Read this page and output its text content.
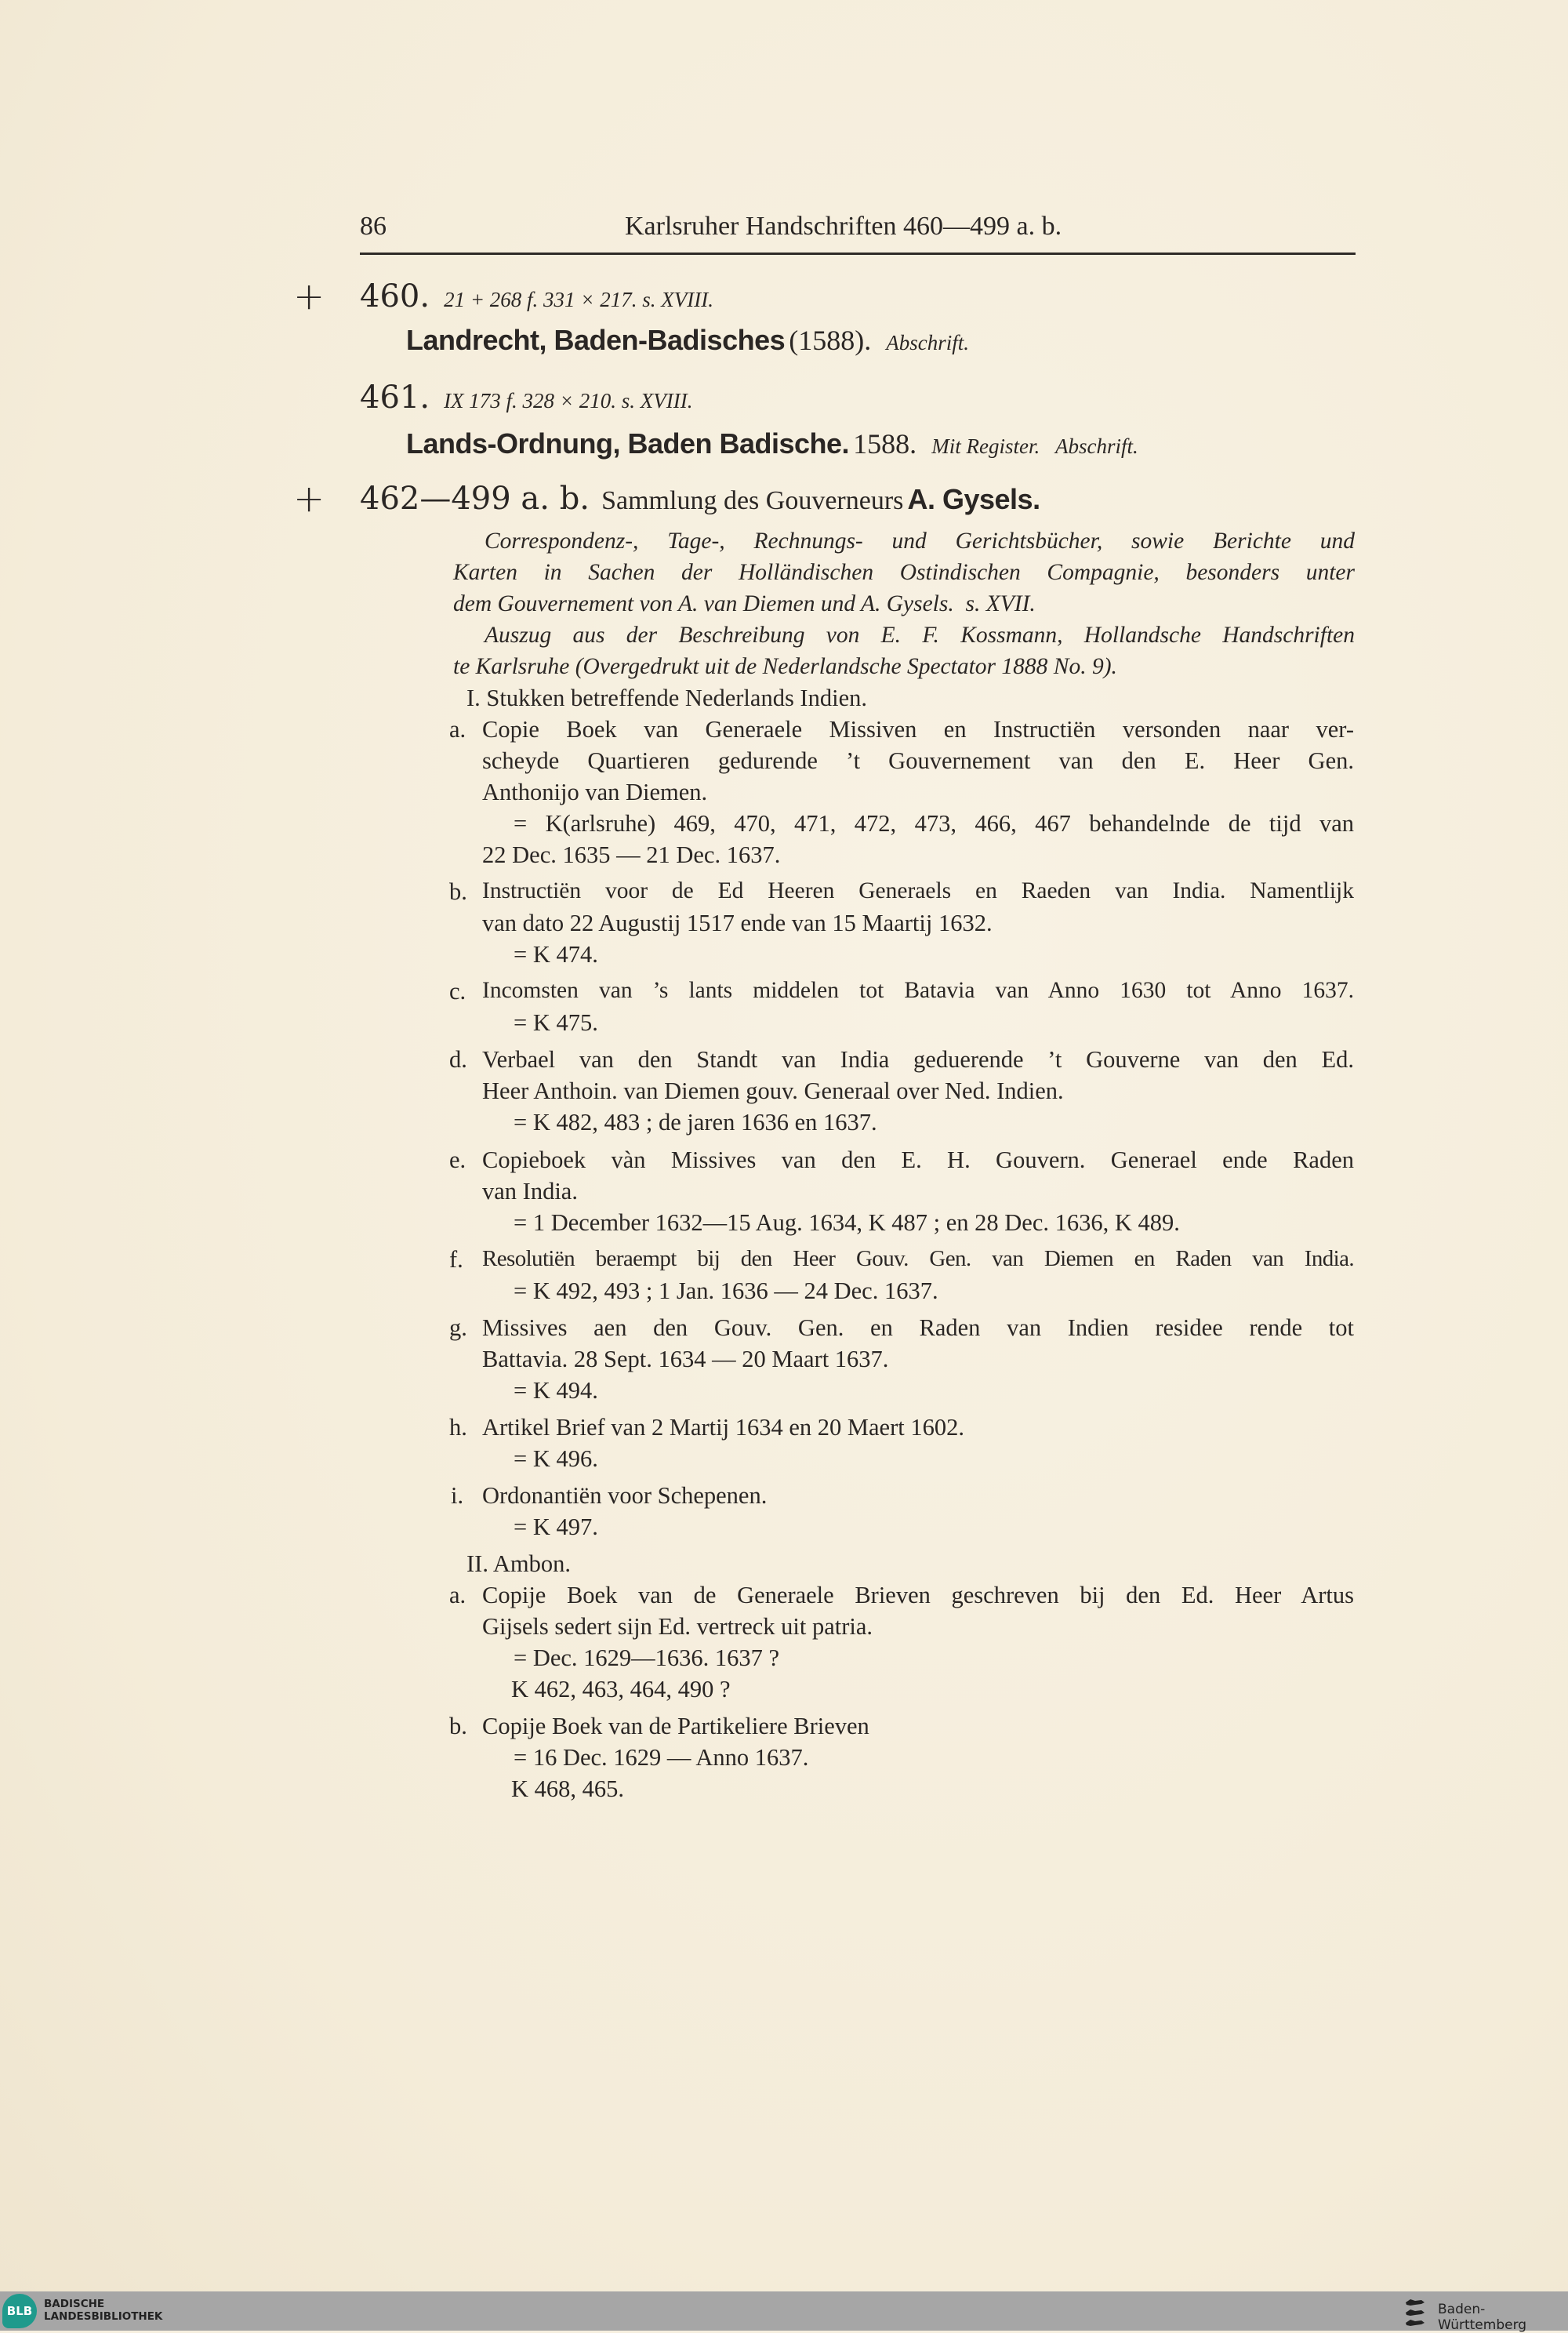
86	Karlsruher Handschriften 460—499 a. b.
+ 460. 21 + 268 f. 331 × 217. s. XVIII.
Landrecht, Baden-Badisches (1588). Abschrift.
461. IX 173 f. 328 × 210. s. XVIII.
Lands-Ordnung, Baden Badische. 1588. Mit Register.   Abschrift.
+ 462—499 a. b. Sammlung des Gouverneurs A. Gysels.
Correspondenz-, Tage-, Rechnungs- und Gerichtsbücher, sowie Berichte und
Karten in Sachen der Holländischen Ostindischen Compagnie, besonders unter
dem Gouvernement von A. van Diemen und A. Gysels.  s. XVII.
Auszug aus der Beschreibung von E. F. Kossmann, Hollandsche Handschriften
te Karlsruhe (Overgedrukt uit de Nederlandsche Spectator 1888 No. 9).
I. Stukken betreffende Nederlands Indien.
a. Copie Boek van Generaele Missiven en Instructiën versonden naar ver-
scheyde Quartieren gedurende ’t Gouvernement van den E. Heer Gen.
Anthonijo van Diemen.
= K(arlsruhe) 469, 470, 471, 472, 473, 466, 467 behandelnde de tijd van
22 Dec. 1635 — 21 Dec. 1637.
b. Instructiën voor de Ed Heeren Generaels en Raeden van India. Namentlijk
van dato 22 Augustij 1517 ende van 15 Maartij 1632.
= K 474.
c. Incomsten van ’s lants middelen tot Batavia van Anno 1630 tot Anno 1637.
= K 475.
d. Verbael van den Standt van India geduerende ’t Gouverne van den Ed.
Heer Anthoin. van Diemen gouv. Generaal over Ned. Indien.
= K 482, 483 ; de jaren 1636 en 1637.
e. Copieboek vàn Missives van den E. H. Gouvern. Generael ende Raden
van India.
= 1 December 1632—15 Aug. 1634, K 487 ; en 28 Dec. 1636, K 489.
f. Resolutiën beraempt bij den Heer Gouv. Gen. van Diemen en Raden van India.
= K 492, 493 ; 1 Jan. 1636 — 24 Dec. 1637.
g. Missives aen den Gouv. Gen. en Raden van Indien residee rende tot
Battavia. 28 Sept. 1634 — 20 Maart 1637.
= K 494.
h. Artikel Brief van 2 Martij 1634 en 20 Maert 1602.
= K 496.
i. Ordonantiën voor Schepenen.
= K 497.
II. Ambon.
a. Copije Boek van de Generaele Brieven geschreven bij den Ed. Heer Artus
Gijsels sedert sijn Ed. vertreck uit patria.
= Dec. 1629—1636. 1637 ?
K 462, 463, 464, 490 ?
b. Copije Boek van de Partikeliere Brieven
= 16 Dec. 1629 — Anno 1637.
K 468, 465.
BLB	BADISCHE
LANDESBIBLIOTHEK	Baden-Württemberg
